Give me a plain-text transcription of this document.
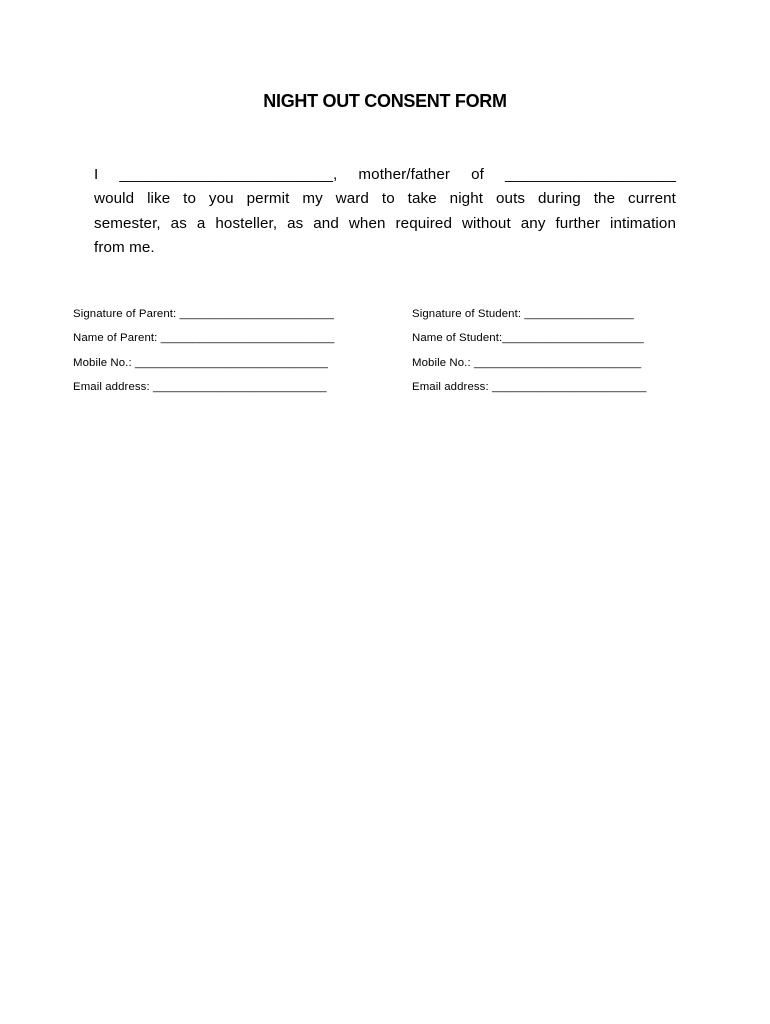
NIGHT OUT CONSENT FORM
I _________________________, mother/father of ____________________
would like to you permit my ward to take night outs during the current
semester, as a hosteller, as and when required without any further intimation
from me.
Signature of Parent: ________________________
Name of Parent: ___________________________
Mobile No.: ______________________________
Email address: ___________________________
Signature of Student: _________________
Name of Student:______________________
Mobile No.: __________________________
Email address: ________________________
